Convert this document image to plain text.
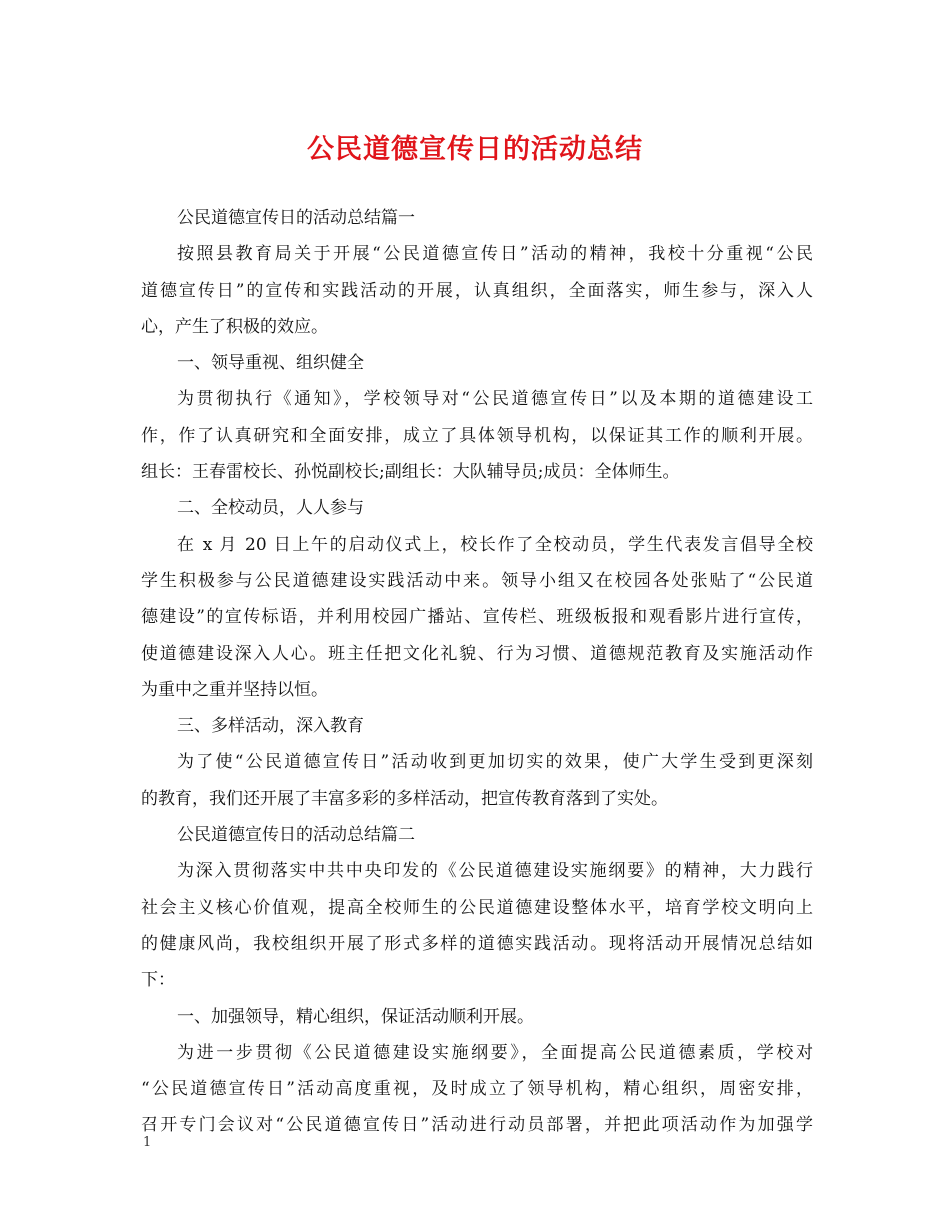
公民道德宣传日的活动总结
公民道德宣传日的活动总结篇一
按照县教育局关于开展“公民道德宣传日”活动的精神，我校十分重视“公民
道德宣传日”的宣传和实践活动的开展，认真组织，全面落实，师生参与，深入人
心，产生了积极的效应。
一、领导重视、组织健全
为贯彻执行《通知》，学校领导对“公民道德宣传日”以及本期的道德建设工
作，作了认真研究和全面安排，成立了具体领导机构，以保证其工作的顺利开展。
组长：王春雷校长、孙悦副校长;副组长：大队辅导员;成员：全体师生。
二、全校动员，人人参与
在 x 月 20 日上午的启动仪式上，校长作了全校动员，学生代表发言倡导全校
学生积极参与公民道德建设实践活动中来。领导小组又在校园各处张贴了“公民道
德建设”的宣传标语，并利用校园广播站、宣传栏、班级板报和观看影片进行宣传，
使道德建设深入人心。班主任把文化礼貌、行为习惯、道德规范教育及实施活动作
为重中之重并坚持以恒。
三、多样活动，深入教育
为了使“公民道德宣传日”活动收到更加切实的效果，使广大学生受到更深刻
的教育，我们还开展了丰富多彩的多样活动，把宣传教育落到了实处。
公民道德宣传日的活动总结篇二
为深入贯彻落实中共中央印发的《公民道德建设实施纲要》的精神，大力践行
社会主义核心价值观，提高全校师生的公民道德建设整体水平，培育学校文明向上
的健康风尚，我校组织开展了形式多样的道德实践活动。现将活动开展情况总结如
下：
一、加强领导，精心组织，保证活动顺利开展。
为进一步贯彻《公民道德建设实施纲要》，全面提高公民道德素质，学校对
“公民道德宣传日”活动高度重视，及时成立了领导机构，精心组织，周密安排，
召开专门会议对“公民道德宣传日”活动进行动员部署，并把此项活动作为加强学
1
